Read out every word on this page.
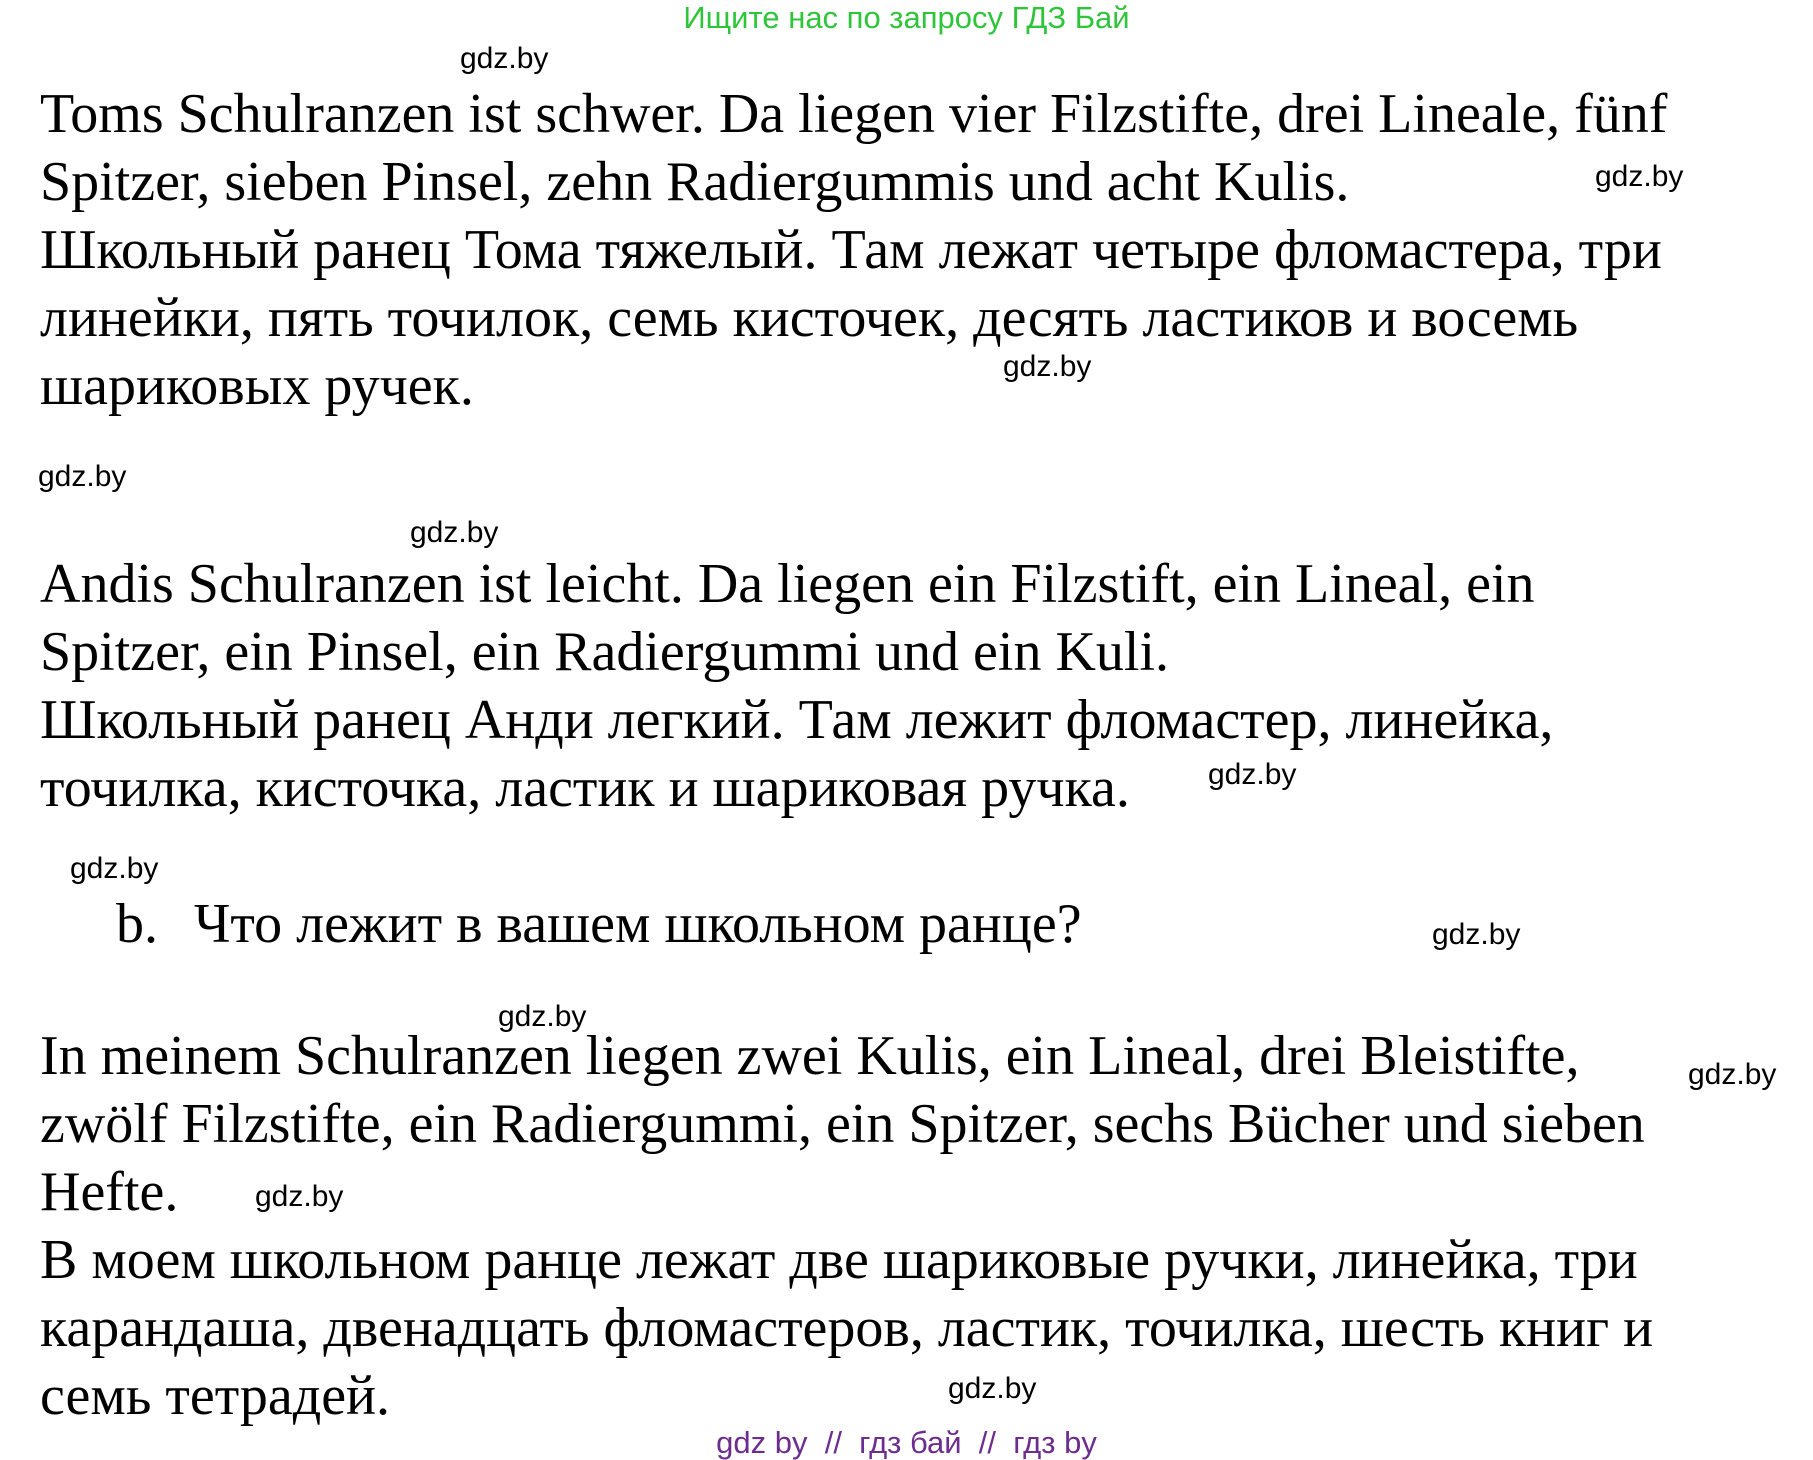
Ищите нас по запросу ГДЗ Бай
Toms Schulranzen ist schwer. Da liegen vier Filzstifte, drei Lineale, fünf
Spitzer, sieben Pinsel, zehn Radiergummis und acht Kulis.
Школьный ранец Тома тяжелый. Там лежат четыре фломастера, три
линейки, пять точилок, семь кисточек, десять ластиков и восемь
шариковых ручек.
Andis Schulranzen ist leicht. Da liegen ein Filzstift, ein Lineal, ein
Spitzer, ein Pinsel, ein Radiergummi und ein Kuli.
Школьный ранец Анди легкий. Там лежит фломастер, линейка,
точилка, кисточка, ластик и шариковая ручка.
b. Что лежит в вашем школьном ранце?
In meinem Schulranzen liegen zwei Kulis, ein Lineal, drei Bleistifte,
zwölf Filzstifte, ein Radiergummi, ein Spitzer, sechs Bücher und sieben
Hefte.
В моем школьном ранце лежат две шариковые ручки, линейка, три
карандаша, двенадцать фломастеров, ластик, точилка, шесть книг и
семь тетрадей.
gdz.by
gdz.by
gdz.by
gdz.by
gdz.by
gdz.by
gdz.by
gdz.by
gdz.by
gdz.by
gdz.by
gdz.by
gdz by  //  гдз бай  //  гдз by
